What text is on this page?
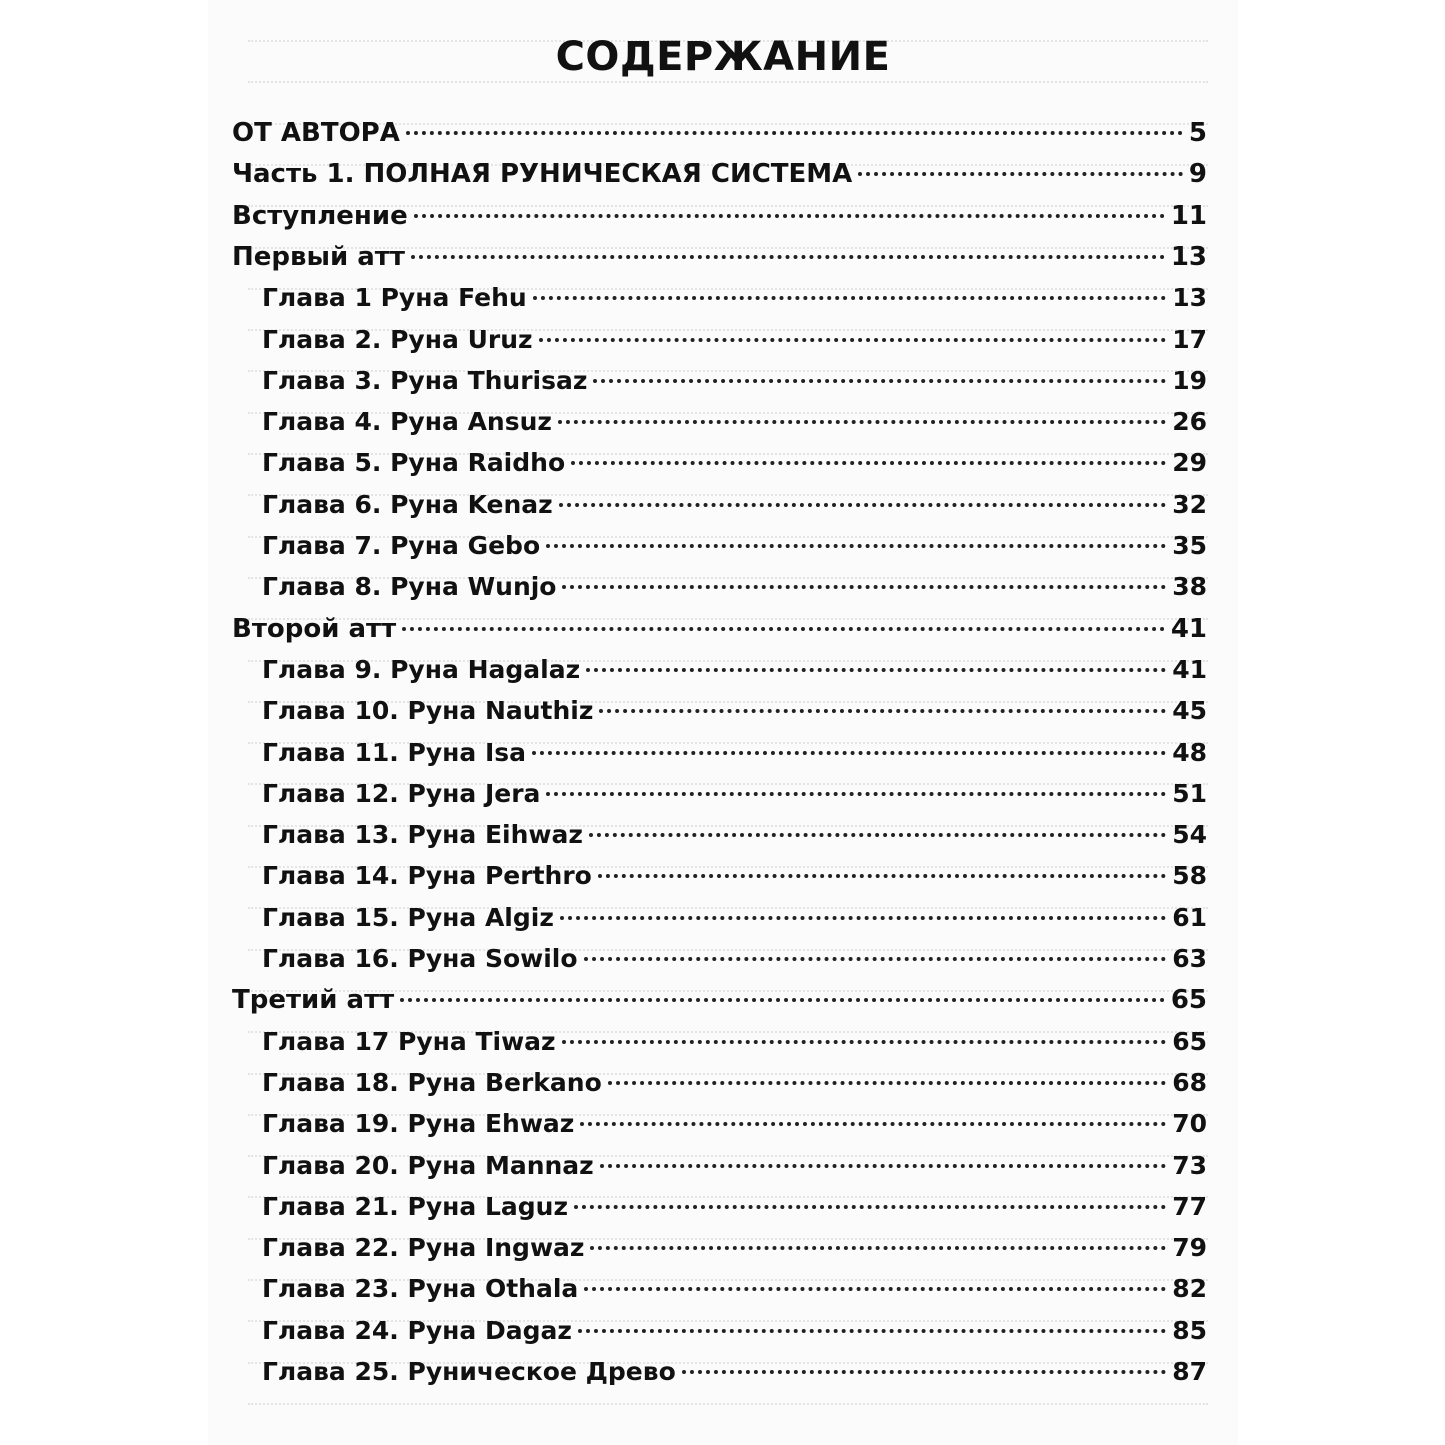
СОДЕРЖАНИЕ
ОТ АВТОРА	5
Часть 1. ПОЛНАЯ РУНИЧЕСКАЯ СИСТЕМА	9
Вступление	11
Первый атт	13
Глава 1 Руна Fehu	13
Глава 2. Руна Uruz	17
Глава 3. Руна Thurisaz	19
Глава 4. Руна Ansuz	26
Глава 5. Руна Raidho	29
Глава 6. Руна Kenaz	32
Глава 7. Руна Gebo	35
Глава 8. Руна Wunjo	38
Второй атт	41
Глава 9. Руна Hagalaz	41
Глава 10. Руна Nauthiz	45
Глава 11. Руна Isa	48
Глава 12. Руна Jera	51
Глава 13. Руна Eihwaz	54
Глава 14. Руна Perthro	58
Глава 15. Руна Algiz	61
Глава 16. Руна Sowilo	63
Третий атт	65
Глава 17 Руна Tiwaz	65
Глава 18. Руна Berkano	68
Глава 19. Руна Ehwaz	70
Глава 20. Руна Mannaz	73
Глава 21. Руна Laguz	77
Глава 22. Руна Ingwaz	79
Глава 23. Руна Othala	82
Глава 24. Руна Dagaz	85
Глава 25. Руническое Древо	87
